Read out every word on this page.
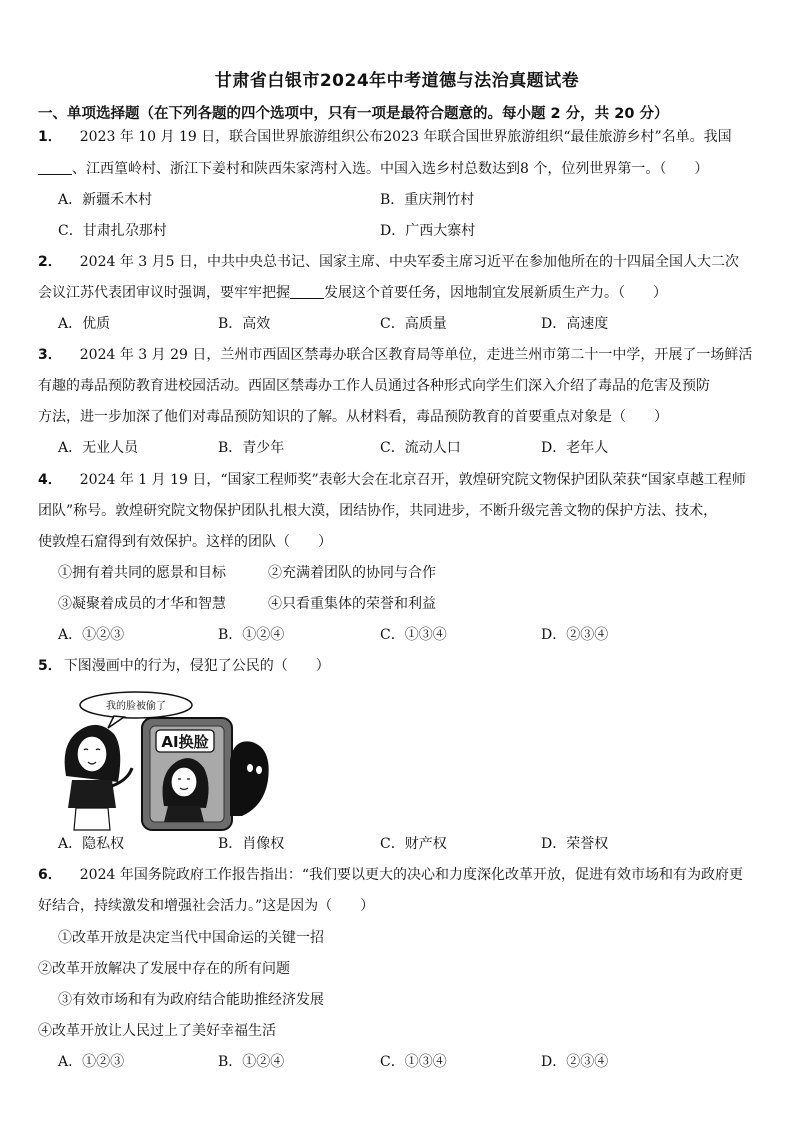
甘肃省白银市2024年中考道德与法治真题试卷
一、单项选择题（在下列各题的四个选项中，只有一项是最符合题意的。每小题 2 分，共 20 分）
1． 2023 年 10 月 19 日，联合国世界旅游组织公布2023 年联合国世界旅游组织“最佳旅游乡村”名单。我国
、江西篁岭村、浙江下姜村和陕西朱家湾村入选。中国入选乡村总数达到8 个，位列世界第一。（　　）
A．新疆禾木村	B．重庆荆竹村
C．甘肃扎尕那村	D．广西大寨村
2． 2024 年 3 月5 日，中共中央总书记、国家主席、中央军委主席习近平在参加他所在的十四届全国人大二次
会议江苏代表团审议时强调，要牢牢把握 发展这个首要任务，因地制宜发展新质生产力。（　　）
A．优质	B．高效	C．高质量	D．高速度
3． 2024 年 3 月 29 日，兰州市西固区禁毒办联合区教育局等单位，走进兰州市第二十一中学，开展了一场鲜活
有趣的毒品预防教育进校园活动。西固区禁毒办工作人员通过各种形式向学生们深入介绍了毒品的危害及预防
方法，进一步加深了他们对毒品预防知识的了解。从材料看，毒品预防教育的首要重点对象是（　　）
A．无业人员	B．青少年	C．流动人口	D．老年人
4． 2024 年 1 月 19 日，“国家工程师奖”表彰大会在北京召开，敦煌研究院文物保护团队荣获“国家卓越工程师
团队”称号。敦煌研究院文物保护团队扎根大漠，团结协作，共同进步，不断升级完善文物的保护方法、技术，
使敦煌石窟得到有效保护。这样的团队（　　）
①拥有着共同的愿景和目标	②充满着团队的协同与合作
③凝聚着成员的才华和智慧	④只看重集体的荣誉和利益
A．①②③	B．①②④	C．①③④	D．②③④
5． 下图漫画中的行为，侵犯了公民的（　　）
我的脸被偷了
AI换脸
A．隐私权	B．肖像权	C．财产权	D．荣誉权
6． 2024 年国务院政府工作报告指出：“我们要以更大的决心和力度深化改革开放，促进有效市场和有为政府更
好结合，持续激发和增强社会活力。”这是因为（　　）
①改革开放是决定当代中国命运的关键一招
②改革开放解决了发展中存在的所有问题
③有效市场和有为政府结合能助推经济发展
④改革开放让人民过上了美好幸福生活
A．①②③	B．①②④	C．①③④	D．②③④
